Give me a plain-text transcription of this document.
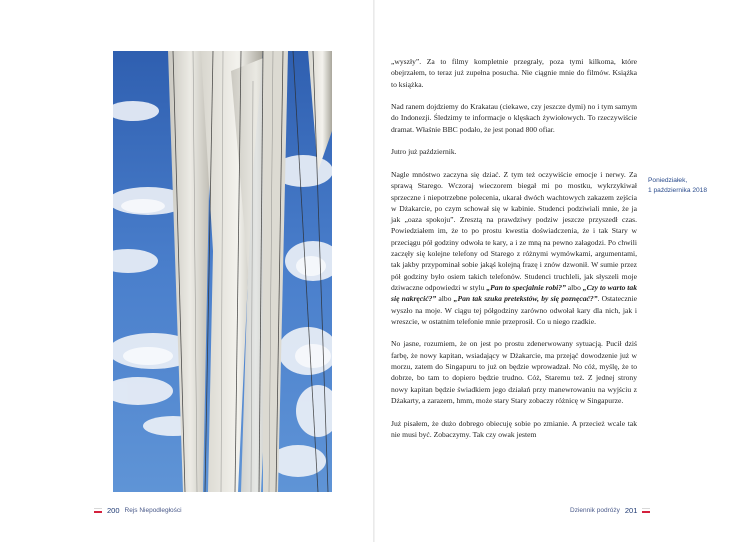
200 Rejs Niepodległości

„wyszły”. Za to filmy kompletnie przegrały, poza tymi kilkoma, które obejrzałem, to teraz już zupełna posucha. Nie ciągnie mnie do filmów. Książka to książka.

Nad ranem dojdziemy do Krakatau (ciekawe, czy jeszcze dymi) no i tym samym do Indonezji. Śledzimy te informacje o klęskach żywiołowych. To rzeczywiście dramat. Właśnie BBC podało, że jest ponad 800 ofiar.

Jutro już październik.

Nagle mnóstwo zaczyna się dziać. Z tym też oczywiście emocje i nerwy. Za sprawą Starego. Wczoraj wieczorem biegał mi po mostku, wykrzykiwał sprzeczne i niepotrzebne polecenia, ukarał dwóch wachtowych zakazem zejścia w Dżakarcie, po czym schował się w kabinie. Studenci podziwiali mnie, że ja jak „oaza spokoju”. Zresztą na prawdziwy podziw jeszcze przyszedł czas. Powiedziałem im, że to po prostu kwestia doświadczenia, że i tak Stary w przeciągu pół godziny odwoła te kary, a i ze mną na pewno załagodzi. Po chwili zaczęły się kolejne telefony od Starego z różnymi wymówkami, argumentami, tak jakby przypominał sobie jakąś kolejną frazę i znów dzwonił. W sumie przez pół godziny było osiem takich telefonów. Studenci truchleli, jak słyszeli moje dziwaczne odpowiedzi w stylu „Pan to specjalnie robi?” albo „Czy to warto tak się nakręcić?” albo „Pan tak szuka pretekstów, by się poznęcać?”. Ostatecznie wyszło na moje. W ciągu tej półgodziny zarówno odwołał kary dla nich, jak i wreszcie, w ostatnim telefonie mnie przeprosił. Co u niego rzadkie.

No jasne, rozumiem, że on jest po prostu zdenerwowany sytuacją. Pucił dziś farbę, że nowy kapitan, wsiadający w Dżakarcie, ma przejąć dowodzenie już w morzu, zatem do Singapuru to już on będzie wprowadzał. No cóż, myślę, że to dobrze, bo tam to dopiero będzie trudno. Cóż, Staremu też. Z jednej strony nowy kapitan będzie świadkiem jego działań przy manewrowaniu na wyjściu z Dżakarty, a zarazem, hmm, może stary Stary zobaczy różnicę w Singapurze.

Już pisałem, że dużo dobrego obiecuję sobie po zmianie. A przecież wcale tak nie musi być. Zobaczymy. Tak czy owak jestem

Poniedziałek,
1 października 2018
Dziennik podróży 201
